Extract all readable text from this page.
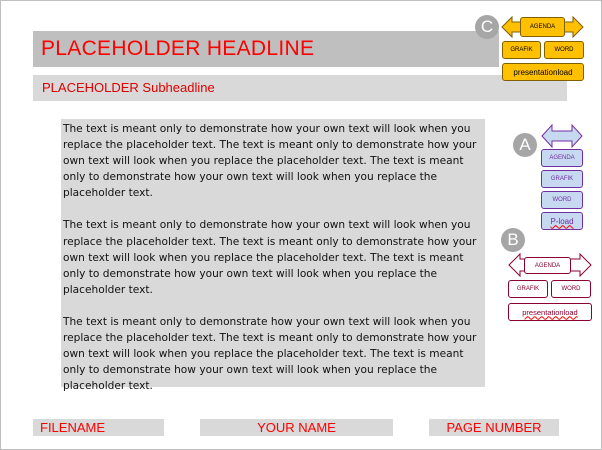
PLACEHOLDER HEADLINE
PLACEHOLDER Subheadline

The text is meant only to demonstrate how your own text will look when you replace the placeholder text. The text is meant only to demonstrate how your own text will look when you replace the placeholder text. The text is meant only to demonstrate how your own text will look when you replace the placeholder text.

The text is meant only to demonstrate how your own text will look when you replace the placeholder text. The text is meant only to demonstrate how your own text will look when you replace the placeholder text. The text is meant only to demonstrate how your own text will look when you replace the placeholder text.

The text is meant only to demonstrate how your own text will look when you replace the placeholder text. The text is meant only to demonstrate how your own text will look when you replace the placeholder text. The text is meant only to demonstrate how your own text will look when you replace the placeholder text.

FILENAME	YOUR NAME	PAGE NUMBER
C	AGENDA
GRAFIK	WORD
presentationload
A
AGENDA
GRAFIK
WORD
P-load
B
AGENDA
GRAFIK	WORD
presentationload
